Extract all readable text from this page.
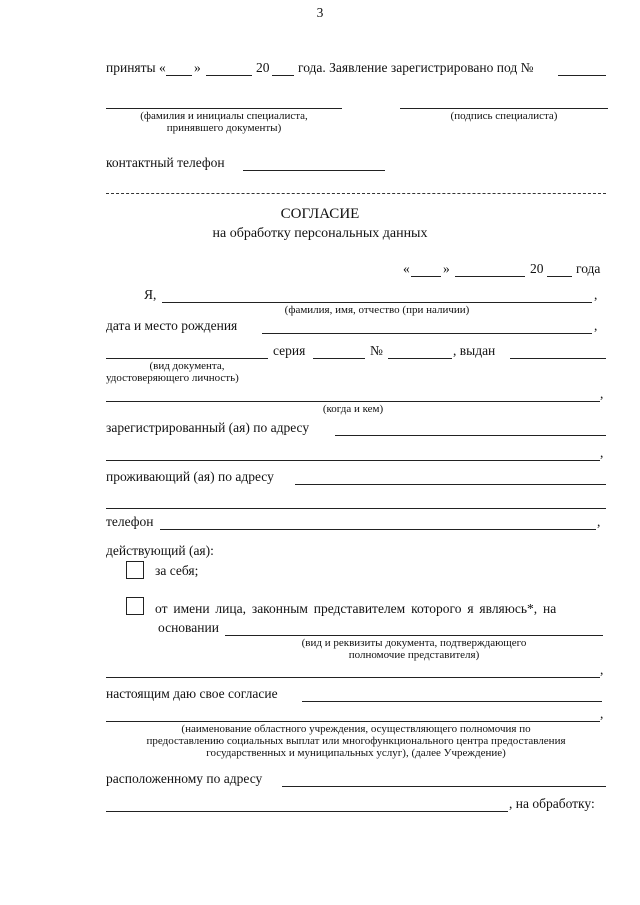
3
приняты « »	20 года. Заявление зарегистрировано под №
(фамилия и инициалы специалиста,
принявшего документы)
(подпись специалиста)
контактный телефон
СОГЛАСИЕ
на обработку персональных данных
« »	20 года
Я,	,
(фамилия, имя, отчество (при наличии)
дата и место рождения	,
серия	№	, выдан
(вид документа,
удостоверяющего личность)
,
(когда и кем)
зарегистрированный (ая) по адресу
,
проживающий (ая) по адресу
телефон	,
действующий (ая):
за себя;
от имени лица, законным представителем которого я являюсь*, на
основании
(вид и реквизиты документа, подтверждающего
полномочие представителя)
,
настоящим даю свое согласие
,
(наименование областного учреждения, осуществляющего полномочия по
предоставлению социальных выплат или многофункционального центра предоставления
государственных и муниципальных услуг), (далее Учреждение)
расположенному по адресу
, на обработку:
